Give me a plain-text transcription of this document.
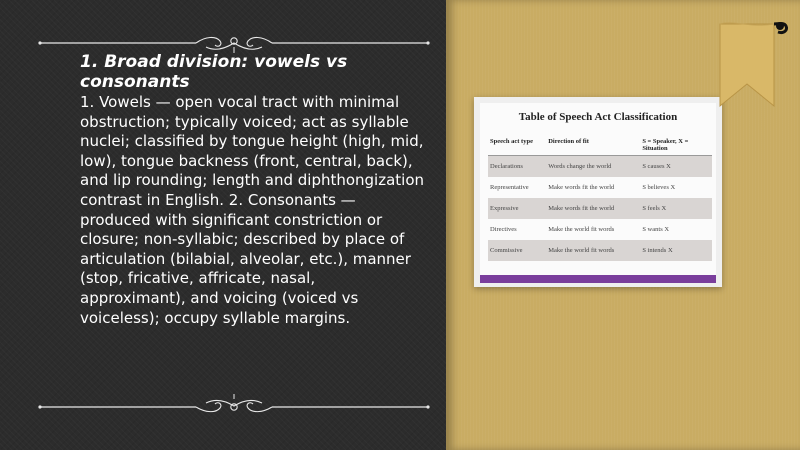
1. Broad division: vowels vs consonants
1. Vowels — open vocal tract with minimal obstruction; typically voiced; act as syllable nuclei; classified by tongue height (high, mid, low), tongue backness (front, central, back), and lip rounding; length and diphthongization contrast in English. 2. Consonants — produced with significant constriction or closure; non-syllabic; described by place of articulation (bilabial, alveolar, etc.), manner (stop, fricative, affricate, nasal, approximant), and voicing (voiced vs voiceless); occupy syllable margins.
Table of Speech Act Classification
Speech act type	Direction of fit	S = Speaker, X = Situation
Declarations	Words change the world	S causes X
Representative	Make words fit the world	S believes X
Expressive	Make words fit the world	S feels X
Directives	Make the world fit words	S wants X
Commissive	Make the world fit words	S intends X
